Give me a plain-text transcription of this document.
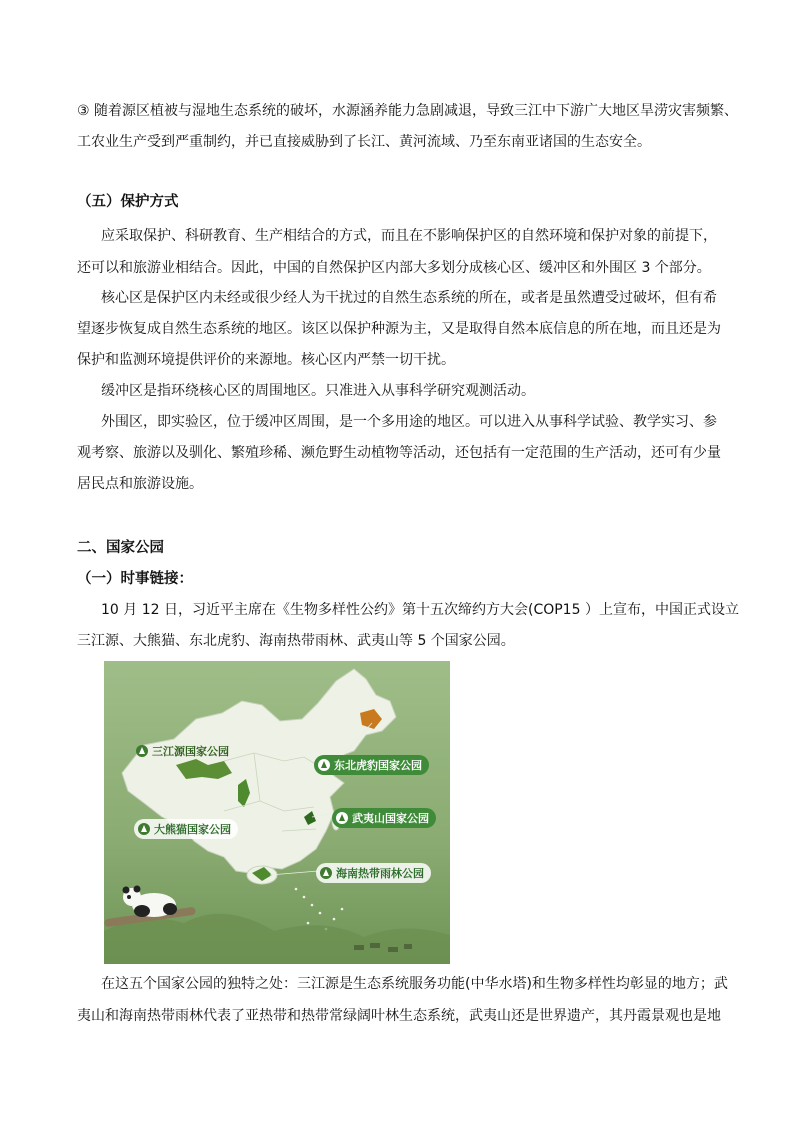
③ 随着源区植被与湿地生态系统的破坏，水源涵养能力急剧减退，导致三江中下游广大地区旱涝灾害频繁、
工农业生产受到严重制约，并已直接威胁到了长江、黄河流域、乃至东南亚诸国的生态安全。
（五）保护方式
应采取保护、科研教育、生产相结合的方式，而且在不影响保护区的自然环境和保护对象的前提下，
还可以和旅游业相结合。因此，中国的自然保护区内部大多划分成核心区、缓冲区和外围区 3 个部分。
核心区是保护区内未经或很少经人为干扰过的自然生态系统的所在，或者是虽然遭受过破坏，但有希
望逐步恢复成自然生态系统的地区。该区以保护种源为主，又是取得自然本底信息的所在地，而且还是为
保护和监测环境提供评价的来源地。核心区内严禁一切干扰。
缓冲区是指环绕核心区的周围地区。只准进入从事科学研究观测活动。
外围区，即实验区，位于缓冲区周围，是一个多用途的地区。可以进入从事科学试验、教学实习、参
观考察、旅游以及驯化、繁殖珍稀、濒危野生动植物等活动，还包括有一定范围的生产活动，还可有少量
居民点和旅游设施。
二、国家公园
（一）时事链接：
10 月 12 日，习近平主席在《生物多样性公约》第十五次缔约方大会(COP15 ）上宣布，中国正式设立
三江源、大熊猫、东北虎豹、海南热带雨林、武夷山等 5 个国家公园。
三江源国家公园
东北虎豹国家公园
武夷山国家公园
大熊猫国家公园
海南热带雨林公园
在这五个国家公园的独特之处：三江源是生态系统服务功能(中华水塔)和生物多样性均彰显的地方；武
夷山和海南热带雨林代表了亚热带和热带常绿阔叶林生态系统，武夷山还是世界遗产，其丹霞景观也是地
